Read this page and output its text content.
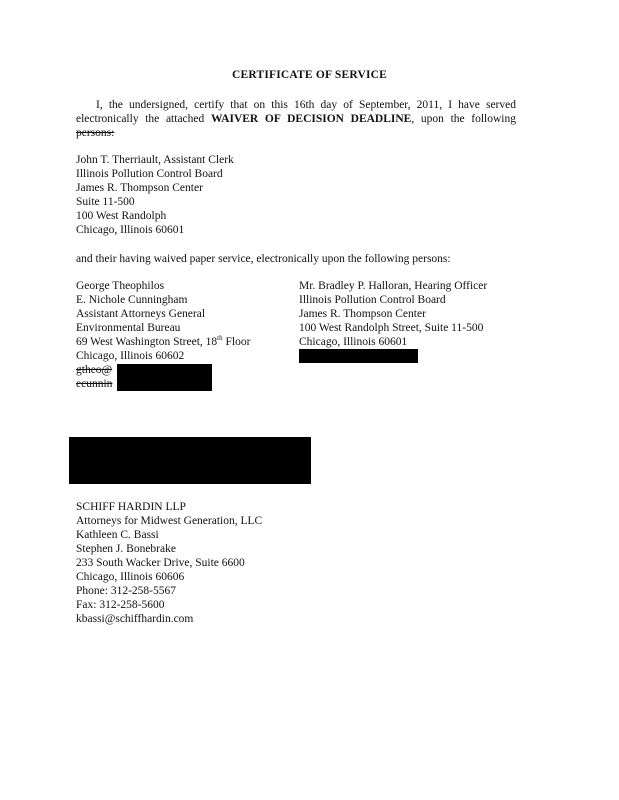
CERTIFICATE OF SERVICE
I, the undersigned, certify that on this 16th day of September, 2011, I have served electronically the attached WAIVER OF DECISION DEADLINE, upon the following persons:
John T. Therriault, Assistant Clerk
Illinois Pollution Control Board
James R. Thompson Center
Suite 11-500
100 West Randolph
Chicago, Illinois 60601
and their having waived paper service, electronically upon the following persons:
George Theophilos
E. Nichole Cunningham
Assistant Attorneys General
Environmental Bureau
69 West Washington Street, 18th Floor
Chicago, Illinois 60602
gtheo@
ecunnin
Mr. Bradley P. Halloran, Hearing Officer
Illinois Pollution Control Board
James R. Thompson Center
100 West Randolph Street, Suite 11-500
Chicago, Illinois 60601
SCHIFF HARDIN LLP
Attorneys for Midwest Generation, LLC
Kathleen C. Bassi
Stephen J. Bonebrake
233 South Wacker Drive, Suite 6600
Chicago, Illinois 60606
Phone: 312-258-5567
Fax: 312-258-5600
kbassi@schiffhardin.com
